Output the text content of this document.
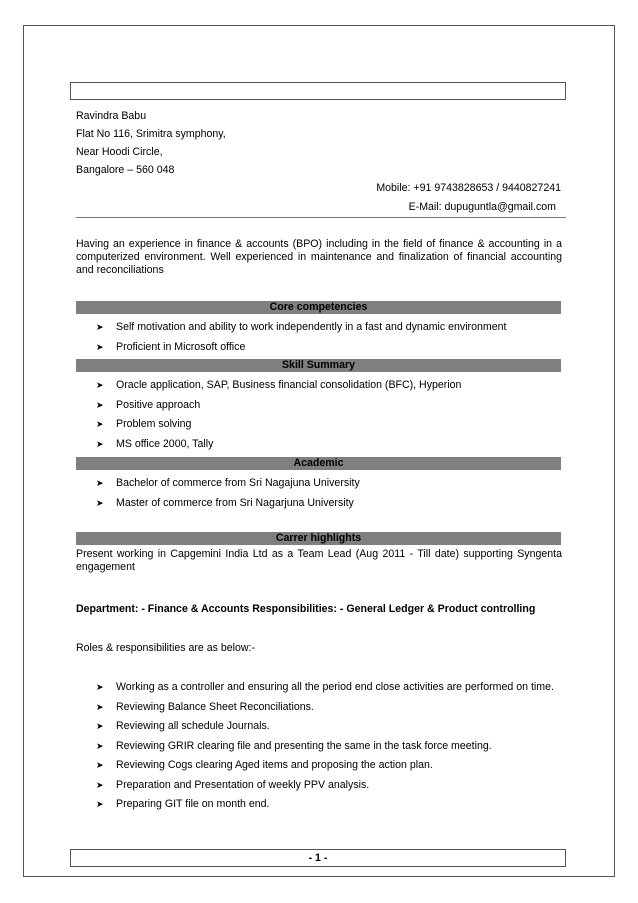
Ravindra Babu
Flat No 116, Srimitra symphony,
Near Hoodi Circle,
Bangalore – 560 048
Mobile: +91 9743828653 / 9440827241
E-Mail: dupuguntla@gmail.com
Having an experience in finance & accounts (BPO) including in the field of finance & accounting in a computerized environment. Well experienced in maintenance and finalization of financial accounting and reconciliations
Core competencies
➤ Self motivation and ability to work independently in a fast and dynamic environment
➤ Proficient in Microsoft office
Skill Summary
➤ Oracle application, SAP, Business financial consolidation (BFC), Hyperion
➤ Positive approach
➤ Problem solving
➤ MS office 2000, Tally
Academic
➤ Bachelor of commerce from Sri Nagajuna University
➤ Master of commerce from Sri Nagarjuna University
Carrer highlights
Present working in Capgemini India Ltd as a Team Lead (Aug 2011 - Till date) supporting Syngenta engagement
Department: - Finance & Accounts Responsibilities: - General Ledger & Product controlling
Roles & responsibilities are as below:-
➤ Working as a controller and ensuring all the period end close activities are performed on time.
➤ Reviewing Balance Sheet Reconciliations.
➤ Reviewing all schedule Journals.
➤ Reviewing GRIR clearing file and presenting the same in the task force meeting.
➤ Reviewing Cogs clearing Aged items and proposing the action plan.
➤ Preparation and Presentation of weekly PPV analysis.
➤ Preparing GIT file on month end.
- 1 -
